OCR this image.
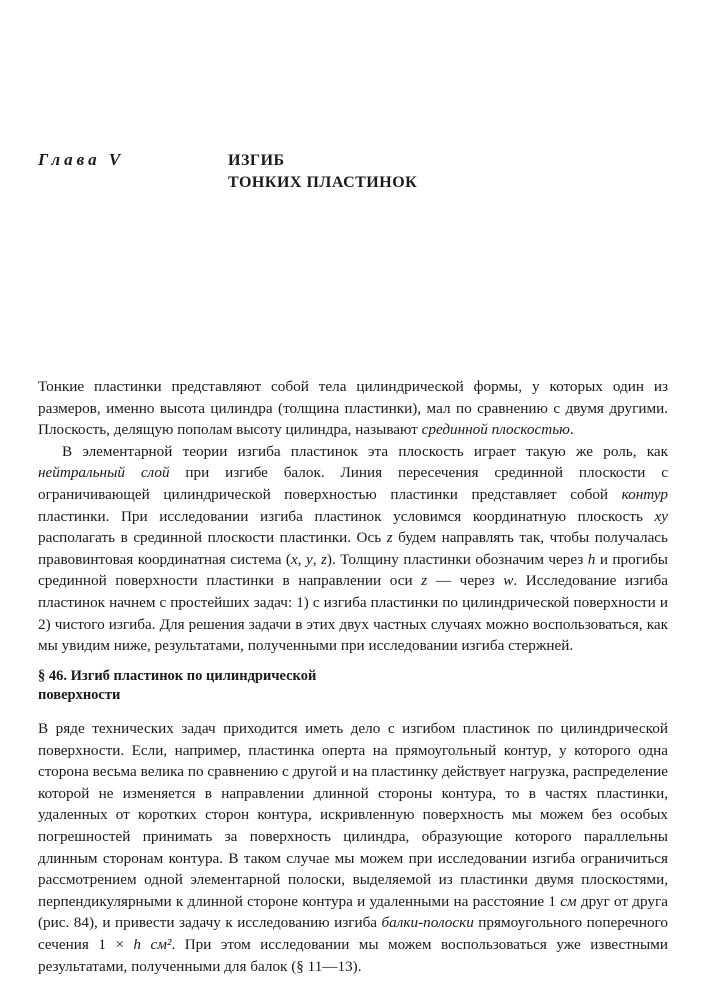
Глава V	ИЗГИБ
ТОНКИХ ПЛАСТИНОК

Тонкие пластинки представляют собой тела цилиндрической формы, у которых один из размеров, именно высота цилиндра (толщина пластинки), мал по сравнению с двумя другими. Плоскость, делящую пополам высоту цилиндра, называют срединной плоскостью.

В элементарной теории изгиба пластинок эта плоскость играет такую же роль, как нейтральный слой при изгибе балок. Линия пересечения срединной плоскости с ограничивающей цилиндрической поверхностью пластинки представляет собой контур пластинки. При исследовании изгиба пластинок условимся координатную плоскость xy располагать в срединной плоскости пластинки. Ось z будем направлять так, чтобы получалась правовинтовая координатная система (x, y, z). Толщину пластинки обозначим через h и прогибы срединной поверхности пластинки в направлении оси z — через w. Исследование изгиба пластинок начнем с простейших задач: 1) с изгиба пластинки по цилиндрической поверхности и 2) чистого изгиба. Для решения задачи в этих двух частных случаях можно воспользоваться, как мы увидим ниже, результатами, полученными при исследовании изгиба стержней.

§ 46. Изгиб пластинок по цилиндрической
поверхности

В ряде технических задач приходится иметь дело с изгибом пластинок по цилиндрической поверхности. Если, например, пластинка оперта на прямоугольный контур, у которого одна сторона весьма велика по сравнению с другой и на пластинку действует нагрузка, распределение которой не изменяется в направлении длинной стороны контура, то в частях пластинки, удаленных от коротких сторон контура, искривленную поверхность мы можем без особых погрешностей принимать за поверхность цилиндра, образующие которого параллельны длинным сторонам контура. В таком случае мы можем при исследовании изгиба ограничиться рассмотрением одной элементарной полоски, выделяемой из пластинки двумя плоскостями, перпендикулярными к длинной стороне контура и удаленными на расстояние 1 см друг от друга (рис. 84), и привести задачу к исследованию изгиба балки-полоски прямоугольного поперечного сечения 1 × h см². При этом исследовании мы можем воспользоваться уже известными результатами, полученными для балок (§ 11—13).
